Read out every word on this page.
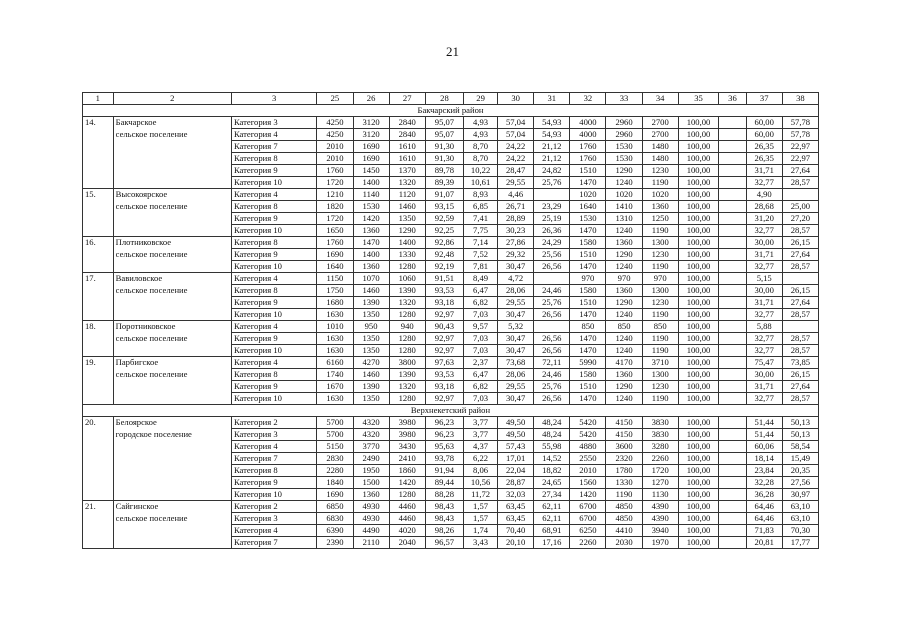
21
1	2	3	25	26	27	28	29	30	31	32	33	34	35	36	37	38
Бакчарский район																
14.	Бакчарское	Категория 3	4250	3120	2840	95,07	4,93	57,04	54,93	4000	2960	2700	100,00		60,00	57,78
	сельское поселение	Категория 4	4250	3120	2840	95,07	4,93	57,04	54,93	4000	2960	2700	100,00		60,00	57,78
		Категория 7	2010	1690	1610	91,30	8,70	24,22	21,12	1760	1530	1480	100,00		26,35	22,97
		Категория 8	2010	1690	1610	91,30	8,70	24,22	21,12	1760	1530	1480	100,00		26,35	22,97
		Категория 9	1760	1450	1370	89,78	10,22	28,47	24,82	1510	1290	1230	100,00		31,71	27,64
		Категория 10	1720	1400	1320	89,39	10,61	29,55	25,76	1470	1240	1190	100,00		32,77	28,57
15.	Высокоярское	Категория 4	1210	1140	1120	91,07	8,93	4,46		1020	1020	1020	100,00		4,90	
	сельское поселение	Категория 8	1820	1530	1460	93,15	6,85	26,71	23,29	1640	1410	1360	100,00		28,68	25,00
		Категория 9	1720	1420	1350	92,59	7,41	28,89	25,19	1530	1310	1250	100,00		31,20	27,20
		Категория 10	1650	1360	1290	92,25	7,75	30,23	26,36	1470	1240	1190	100,00		32,77	28,57
16.	Плотниковское	Категория 8	1760	1470	1400	92,86	7,14	27,86	24,29	1580	1360	1300	100,00		30,00	26,15
	сельское поселение	Категория 9	1690	1400	1330	92,48	7,52	29,32	25,56	1510	1290	1230	100,00		31,71	27,64
		Категория 10	1640	1360	1280	92,19	7,81	30,47	26,56	1470	1240	1190	100,00		32,77	28,57
17.	Вавиловское	Категория 4	1150	1070	1060	91,51	8,49	4,72		970	970	970	100,00		5,15	
	сельское поселение	Категория 8	1750	1460	1390	93,53	6,47	28,06	24,46	1580	1360	1300	100,00		30,00	26,15
		Категория 9	1680	1390	1320	93,18	6,82	29,55	25,76	1510	1290	1230	100,00		31,71	27,64
		Категория 10	1630	1350	1280	92,97	7,03	30,47	26,56	1470	1240	1190	100,00		32,77	28,57
18.	Поротниковское	Категория 4	1010	950	940	90,43	9,57	5,32		850	850	850	100,00		5,88	
	сельское поселение	Категория 9	1630	1350	1280	92,97	7,03	30,47	26,56	1470	1240	1190	100,00		32,77	28,57
		Категория 10	1630	1350	1280	92,97	7,03	30,47	26,56	1470	1240	1190	100,00		32,77	28,57
19.	Парбигское	Категория 4	6160	4270	3800	97,63	2,37	73,68	72,11	5990	4170	3710	100,00		75,47	73,85
	сельское поселение	Категория 8	1740	1460	1390	93,53	6,47	28,06	24,46	1580	1360	1300	100,00		30,00	26,15
		Категория 9	1670	1390	1320	93,18	6,82	29,55	25,76	1510	1290	1230	100,00		31,71	27,64
		Категория 10	1630	1350	1280	92,97	7,03	30,47	26,56	1470	1240	1190	100,00		32,77	28,57
Верхнекетский район																
20.	Белоярское	Категория 2	5700	4320	3980	96,23	3,77	49,50	48,24	5420	4150	3830	100,00		51,44	50,13
	городское поселение	Категория 3	5700	4320	3980	96,23	3,77	49,50	48,24	5420	4150	3830	100,00		51,44	50,13
		Категория 4	5150	3770	3430	95,63	4,37	57,43	55,98	4880	3600	3280	100,00		60,06	58,54
		Категория 7	2830	2490	2410	93,78	6,22	17,01	14,52	2550	2320	2260	100,00		18,14	15,49
		Категория 8	2280	1950	1860	91,94	8,06	22,04	18,82	2010	1780	1720	100,00		23,84	20,35
		Категория 9	1840	1500	1420	89,44	10,56	28,87	24,65	1560	1330	1270	100,00		32,28	27,56
		Категория 10	1690	1360	1280	88,28	11,72	32,03	27,34	1420	1190	1130	100,00		36,28	30,97
21.	Сайгинское	Категория 2	6850	4930	4460	98,43	1,57	63,45	62,11	6700	4850	4390	100,00		64,46	63,10
	сельское поселение	Категория 3	6830	4930	4460	98,43	1,57	63,45	62,11	6700	4850	4390	100,00		64,46	63,10
		Категория 4	6390	4490	4020	98,26	1,74	70,40	68,91	6250	4410	3940	100,00		71,83	70,30
		Категория 7	2390	2110	2040	96,57	3,43	20,10	17,16	2260	2030	1970	100,00		20,81	17,77
